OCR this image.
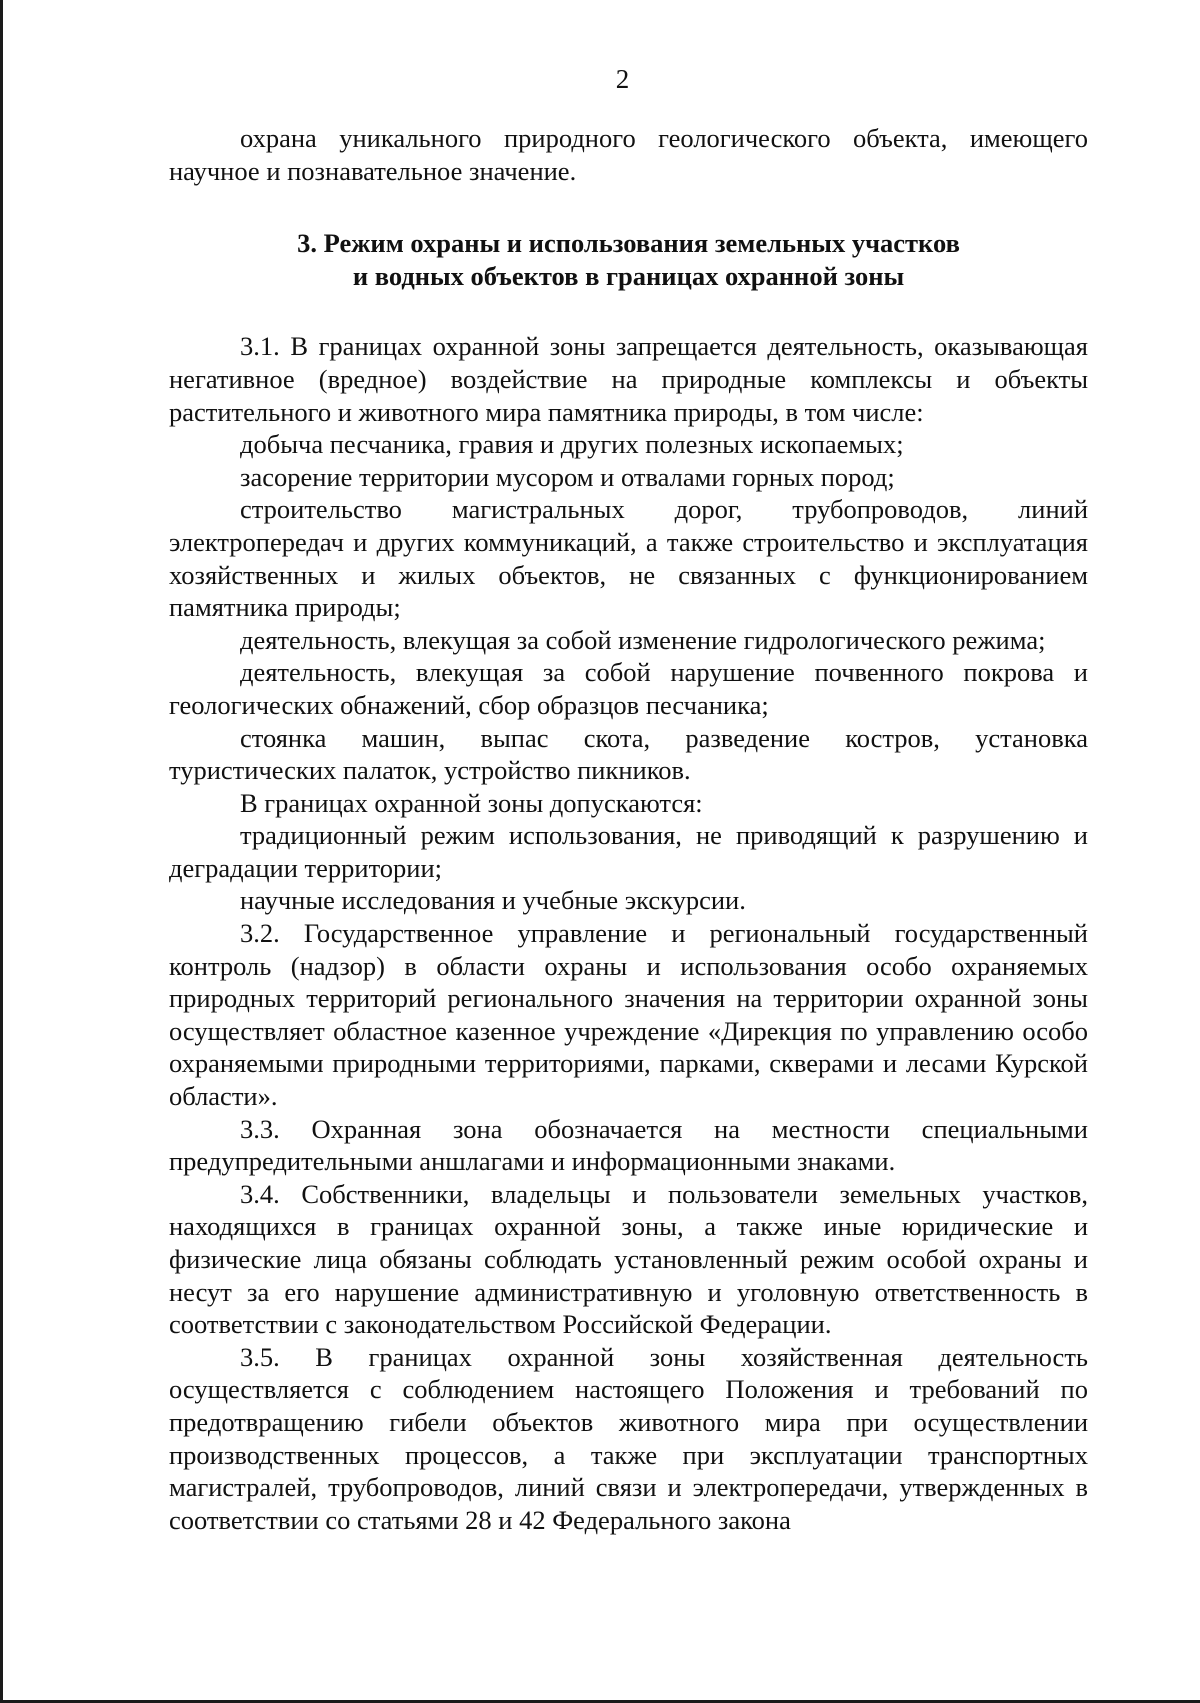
2

охрана уникального природного геологического объекта, имеющего научное и познавательное значение.

3. Режим охраны и использования земельных участков
и водных объектов в границах охранной зоны

3.1. В границах охранной зоны запрещается деятельность, оказывающая негативное (вредное) воздействие на природные комплексы и объекты растительного и животного мира памятника природы, в том числе:

добыча песчаника, гравия и других полезных ископаемых;

засорение территории мусором и отвалами горных пород;

строительство магистральных дорог, трубопроводов, линий электропередач и других коммуникаций, а также строительство и эксплуатация хозяйственных и жилых объектов, не связанных с функционированием памятника природы;

деятельность, влекущая за собой изменение гидрологического режима;

деятельность, влекущая за собой нарушение почвенного покрова и геологических обнажений, сбор образцов песчаника;

стоянка машин, выпас скота, разведение костров, установка туристических палаток, устройство пикников.

В границах охранной зоны допускаются:

традиционный режим использования, не приводящий к разрушению и деградации территории;

научные исследования и учебные экскурсии.

3.2. Государственное управление и региональный государственный контроль (надзор) в области охраны и использования особо охраняемых природных территорий регионального значения на территории охранной зоны осуществляет областное казенное учреждение «Дирекция по управлению особо охраняемыми природными территориями, парками, скверами и лесами Курской области».

3.3. Охранная зона обозначается на местности специальными предупредительными аншлагами и информационными знаками.

3.4. Собственники, владельцы и пользователи земельных участков, находящихся в границах охранной зоны, а также иные юридические и физические лица обязаны соблюдать установленный режим особой охраны и несут за его нарушение административную и уголовную ответственность в соответствии с законодательством Российской Федерации.

3.5. В границах охранной зоны хозяйственная деятельность осуществляется с соблюдением настоящего Положения и требований по предотвращению гибели объектов животного мира при осуществлении производственных процессов, а также при эксплуатации транспортных магистралей, трубопроводов, линий связи и электропередачи, утвержденных в соответствии со статьями 28 и 42 Федерального закона
